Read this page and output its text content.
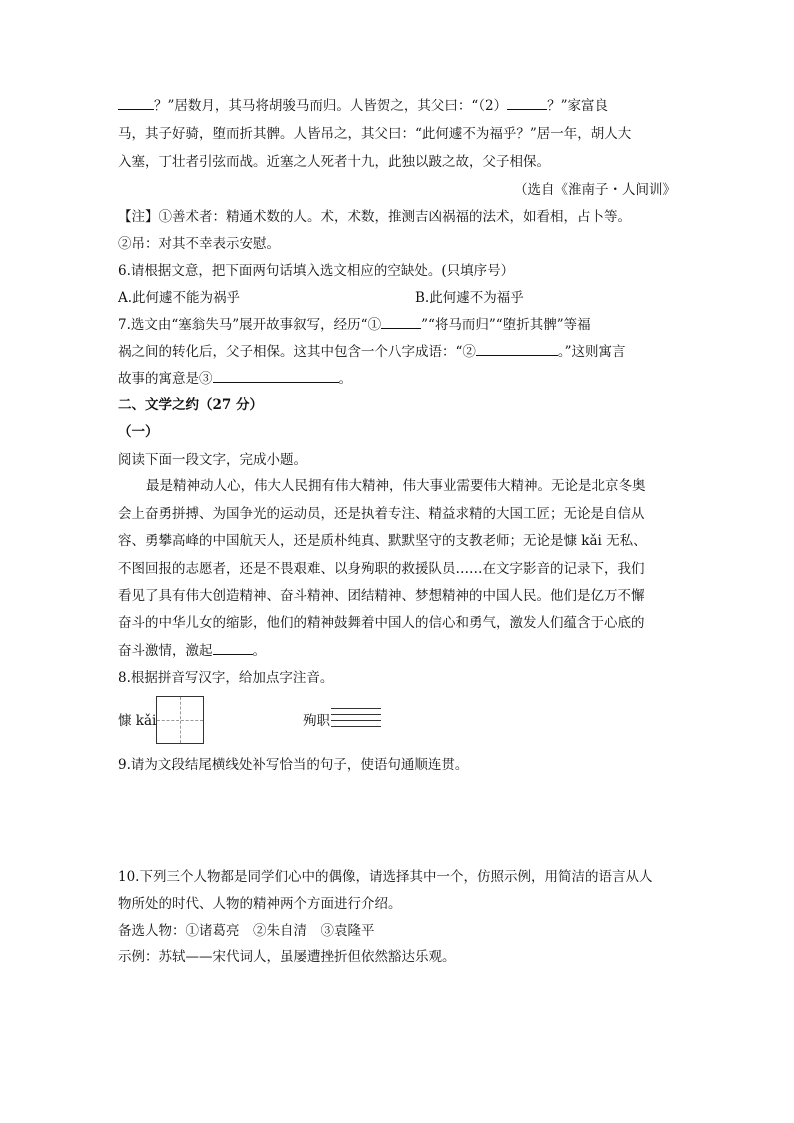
？”居数月，其马将胡骏马而归。人皆贺之，其父曰：“（2）	？”家富良
马，其子好骑，堕而折其髀。人皆吊之，其父曰：“此何遽不为福乎？”居一年，胡人大
入塞，丁壮者引弦而战。近塞之人死者十九，此独以跛之故，父子相保。
（选自《淮南子・人间训》
【注】①善术者：精通术数的人。术，术数，推测吉凶祸福的法术，如看相，占卜等。
②吊：对其不幸表示安慰。
6.请根据文意，把下面两句话填入选文相应的空缺处。(只填序号）
A.此何遽不能为祸乎	B.此何遽不为福乎
7.选文由“塞翁失马”展开故事叙写，经历“①	”“将马而归”“堕折其髀”等福
祸之间的转化后，父子相保。这其中包含一个八字成语：“②	。”这则寓言
故事的寓意是③	。
二、文学之约（27 分）
（一）
阅读下面一段文字，完成小题。
最是精神动人心，伟大人民拥有伟大精神，伟大事业需要伟大精神。无论是北京冬奥
会上奋勇拼搏、为国争光的运动员，还是执着专注、精益求精的大国工匠；无论是自信从
容、勇攀高峰的中国航天人，还是质朴纯真、默默坚守的支教老师；无论是慷 kǎi 无私、
不图回报的志愿者，还是不畏艰难、以身殉职的救援队员……在文字影音的记录下，我们
看见了具有伟大创造精神、奋斗精神、团结精神、梦想精神的中国人民。他们是亿万不懈
奋斗的中华儿女的缩影，他们的精神鼓舞着中国人的信心和勇气，激发人们蕴含于心底的
奋斗激情，激起	。
8.根据拼音写汉字，给加点字注音。
慷 kǎi	殉职
9.请为文段结尾横线处补写恰当的句子，使语句通顺连贯。
10.下列三个人物都是同学们心中的偶像，请选择其中一个，仿照示例，用简洁的语言从人
物所处的时代、人物的精神两个方面进行介绍。
备选人物：①诸葛亮　②朱自清　③袁隆平
示例：苏轼——宋代词人，虽屡遭挫折但依然豁达乐观。
